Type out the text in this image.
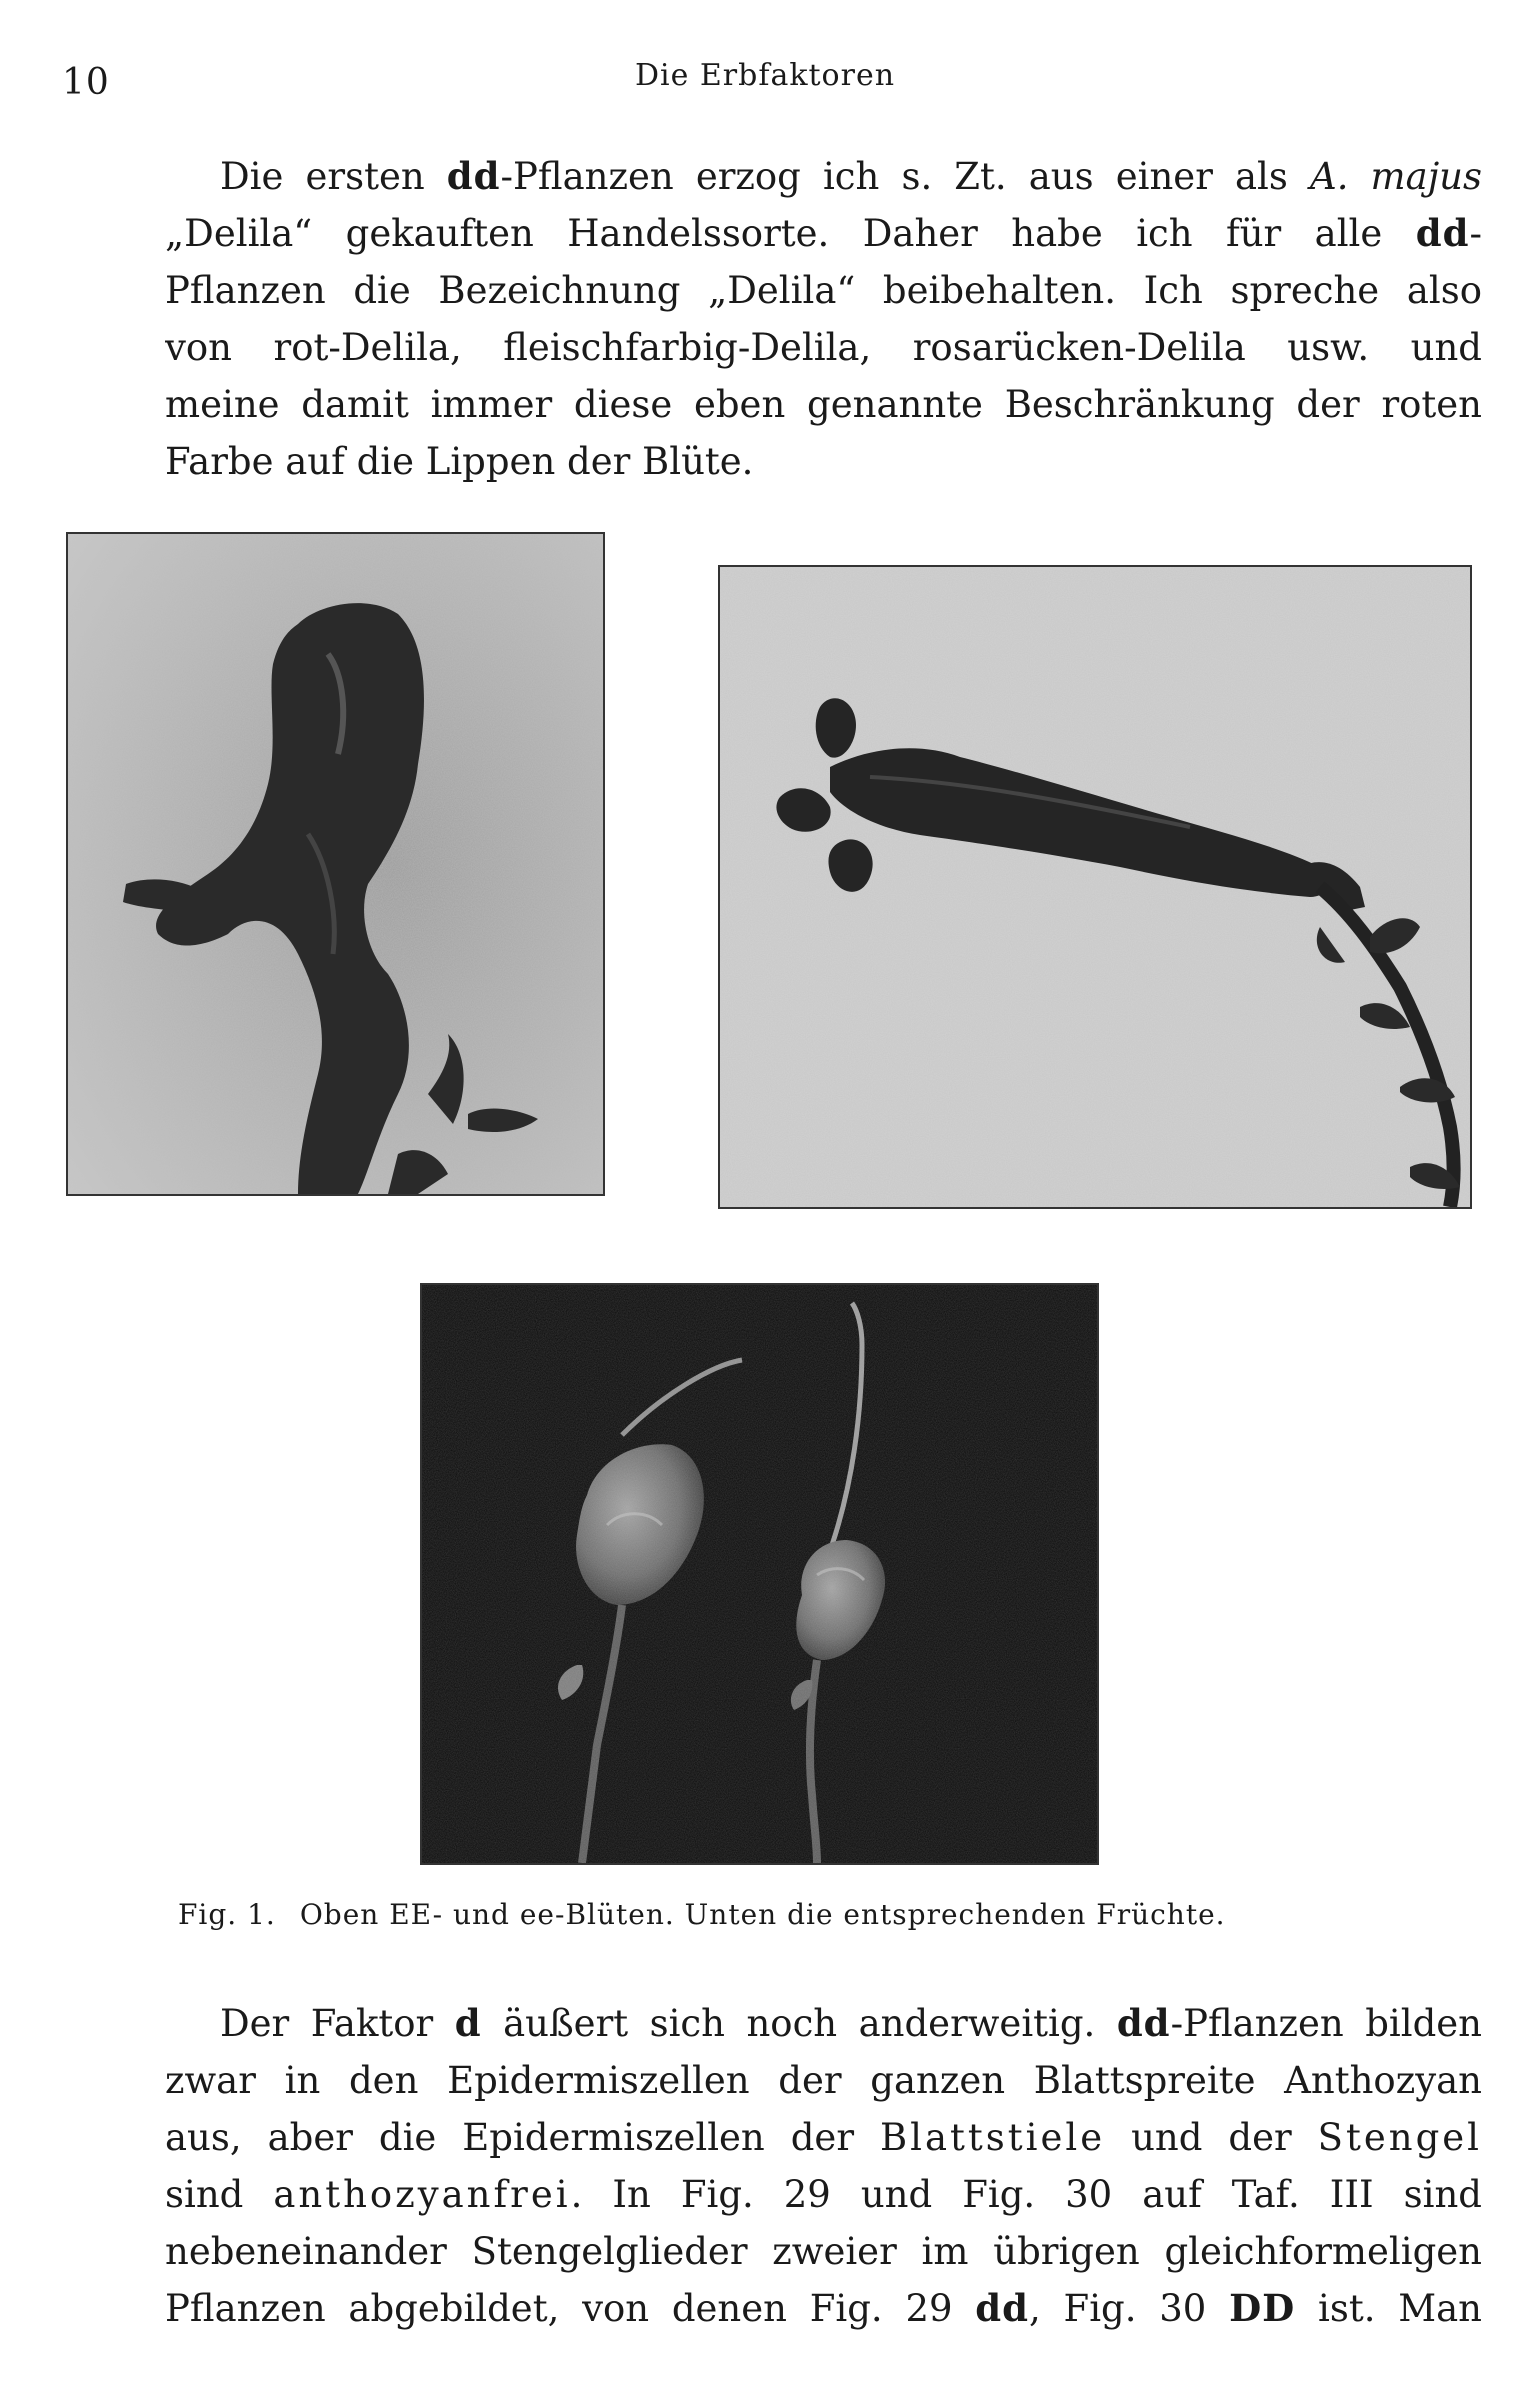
10	Die Erbfaktoren
Die ersten dd-Pflanzen erzog ich s. Zt. aus einer als A. majus
„Delila“ gekauften Handelssorte. Daher habe ich für alle dd-
Pflanzen die Bezeichnung „Delila“ beibehalten. Ich spreche also
von rot-Delila, fleischfarbig-Delila, rosarücken-Delila usw. und
meine damit immer diese eben genannte Beschränkung der roten
Farbe auf die Lippen der Blüte.
Fig. 1. Oben EE- und ee-Blüten. Unten die entsprechenden Früchte.
Der Faktor d äußert sich noch anderweitig. dd-Pflanzen bilden
zwar in den Epidermiszellen der ganzen Blattspreite Anthozyan
aus, aber die Epidermiszellen der Blattstiele und der Stengel
sind anthozyanfrei. In Fig. 29 und Fig. 30 auf Taf. III sind
nebeneinander Stengelglieder zweier im übrigen gleichformeligen
Pflanzen abgebildet, von denen Fig. 29 dd, Fig. 30 DD ist. Man
